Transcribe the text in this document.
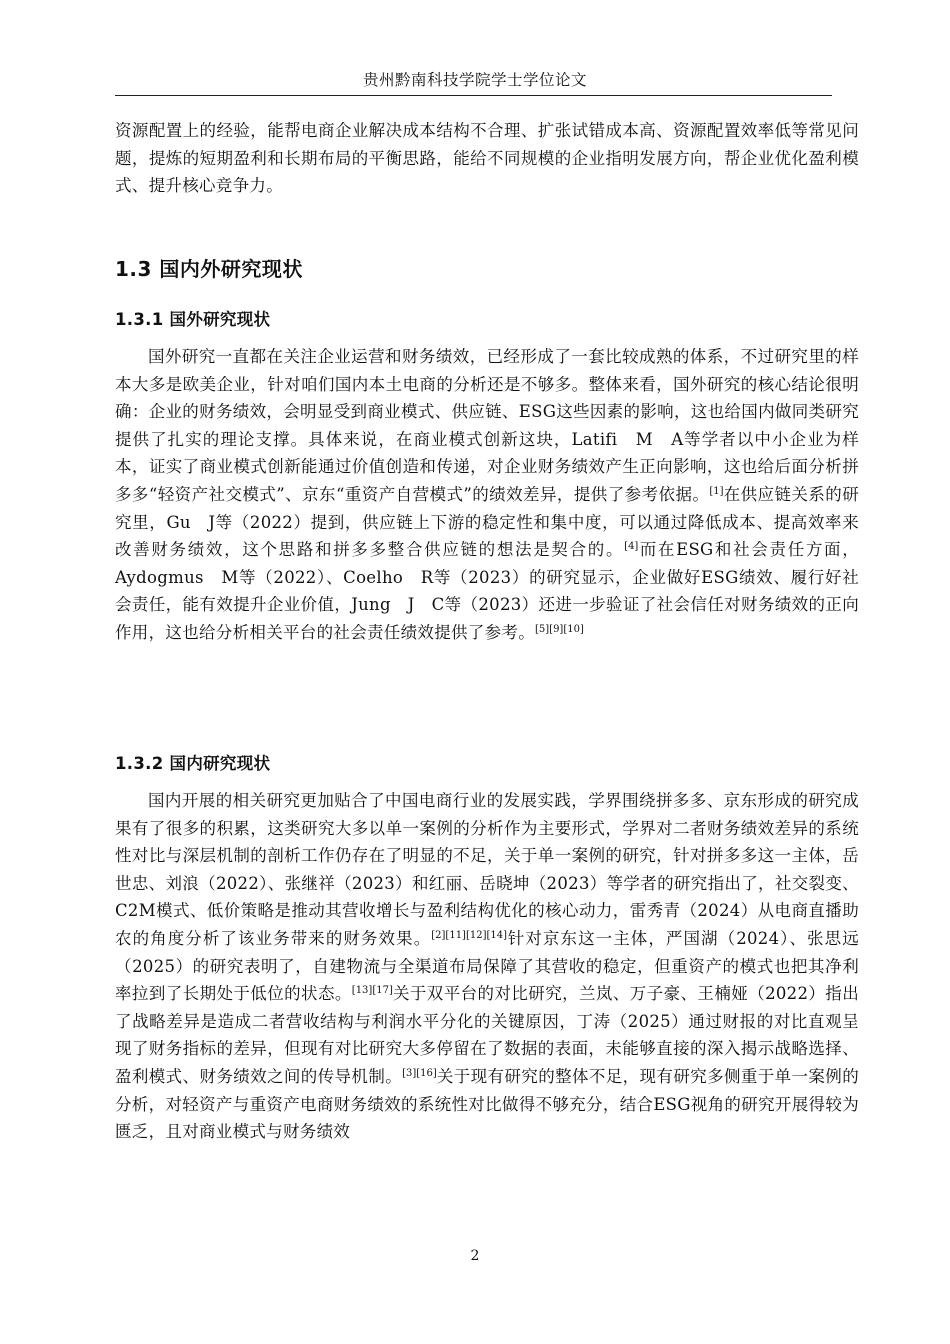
贵州黔南科技学院学士学位论文

资源配置上的经验，能帮电商企业解决成本结构不合理、扩张试错成本高、资源配置效率低等常见问题，提炼的短期盈利和长期布局的平衡思路，能给不同规模的企业指明发展方向，帮企业优化盈利模式、提升核心竞争力。

1.3 国内外研究现状
1.3.1 国外研究现状

国外研究一直都在关注企业运营和财务绩效，已经形成了一套比较成熟的体系，不过研究里的样本大多是欧美企业，针对咱们国内本土电商的分析还是不够多。整体来看，国外研究的核心结论很明确：企业的财务绩效，会明显受到商业模式、供应链、ESG这些因素的影响，这也给国内做同类研究提供了扎实的理论支撑。具体来说，在商业模式创新这块，Latifi　M　A等学者以中小企业为样本，证实了商业模式创新能通过价值创造和传递，对企业财务绩效产生正向影响，这也给后面分析拼多多“轻资产社交模式”、京东“重资产自营模式”的绩效差异，提供了参考依据。[1]在供应链关系的研究里，Gu　J等（2022）提到，供应链上下游的稳定性和集中度，可以通过降低成本、提高效率来改善财务绩效，这个思路和拼多多整合供应链的想法是契合的。[4]而在ESG和社会责任方面，Aydogmus　M等（2022）、Coelho　R等（2023）的研究显示，企业做好ESG绩效、履行好社会责任，能有效提升企业价值，Jung　J　C等（2023）还进一步验证了社会信任对财务绩效的正向作用，这也给分析相关平台的社会责任绩效提供了参考。[5][9][10]

1.3.2 国内研究现状

国内开展的相关研究更加贴合了中国电商行业的发展实践，学界围绕拼多多、京东形成的研究成果有了很多的积累，这类研究大多以单一案例的分析作为主要形式，学界对二者财务绩效差异的系统性对比与深层机制的剖析工作仍存在了明显的不足，关于单一案例的研究，针对拼多多这一主体，岳世忠、刘浪（2022）、张继祥（2023）和红丽、岳晓坤（2023）等学者的研究指出了，社交裂变、C2M模式、低价策略是推动其营收增长与盈利结构优化的核心动力，雷秀青（2024）从电商直播助农的角度分析了该业务带来的财务效果。[2][11][12][14]针对京东这一主体，严国湖（2024）、张思远（2025）的研究表明了，自建物流与全渠道布局保障了其营收的稳定，但重资产的模式也把其净利率拉到了长期处于低位的状态。[13][17]关于双平台的对比研究，兰岚、万子豪、王楠娅（2022）指出了战略差异是造成二者营收结构与利润水平分化的关键原因，丁涛（2025）通过财报的对比直观呈现了财务指标的差异，但现有对比研究大多停留在了数据的表面，未能够直接的深入揭示战略选择、盈利模式、财务绩效之间的传导机制。[3][16]关于现有研究的整体不足，现有研究多侧重于单一案例的分析，对轻资产与重资产电商财务绩效的系统性对比做得不够充分，结合ESG视角的研究开展得较为匮乏，且对商业模式与财务绩效

2
